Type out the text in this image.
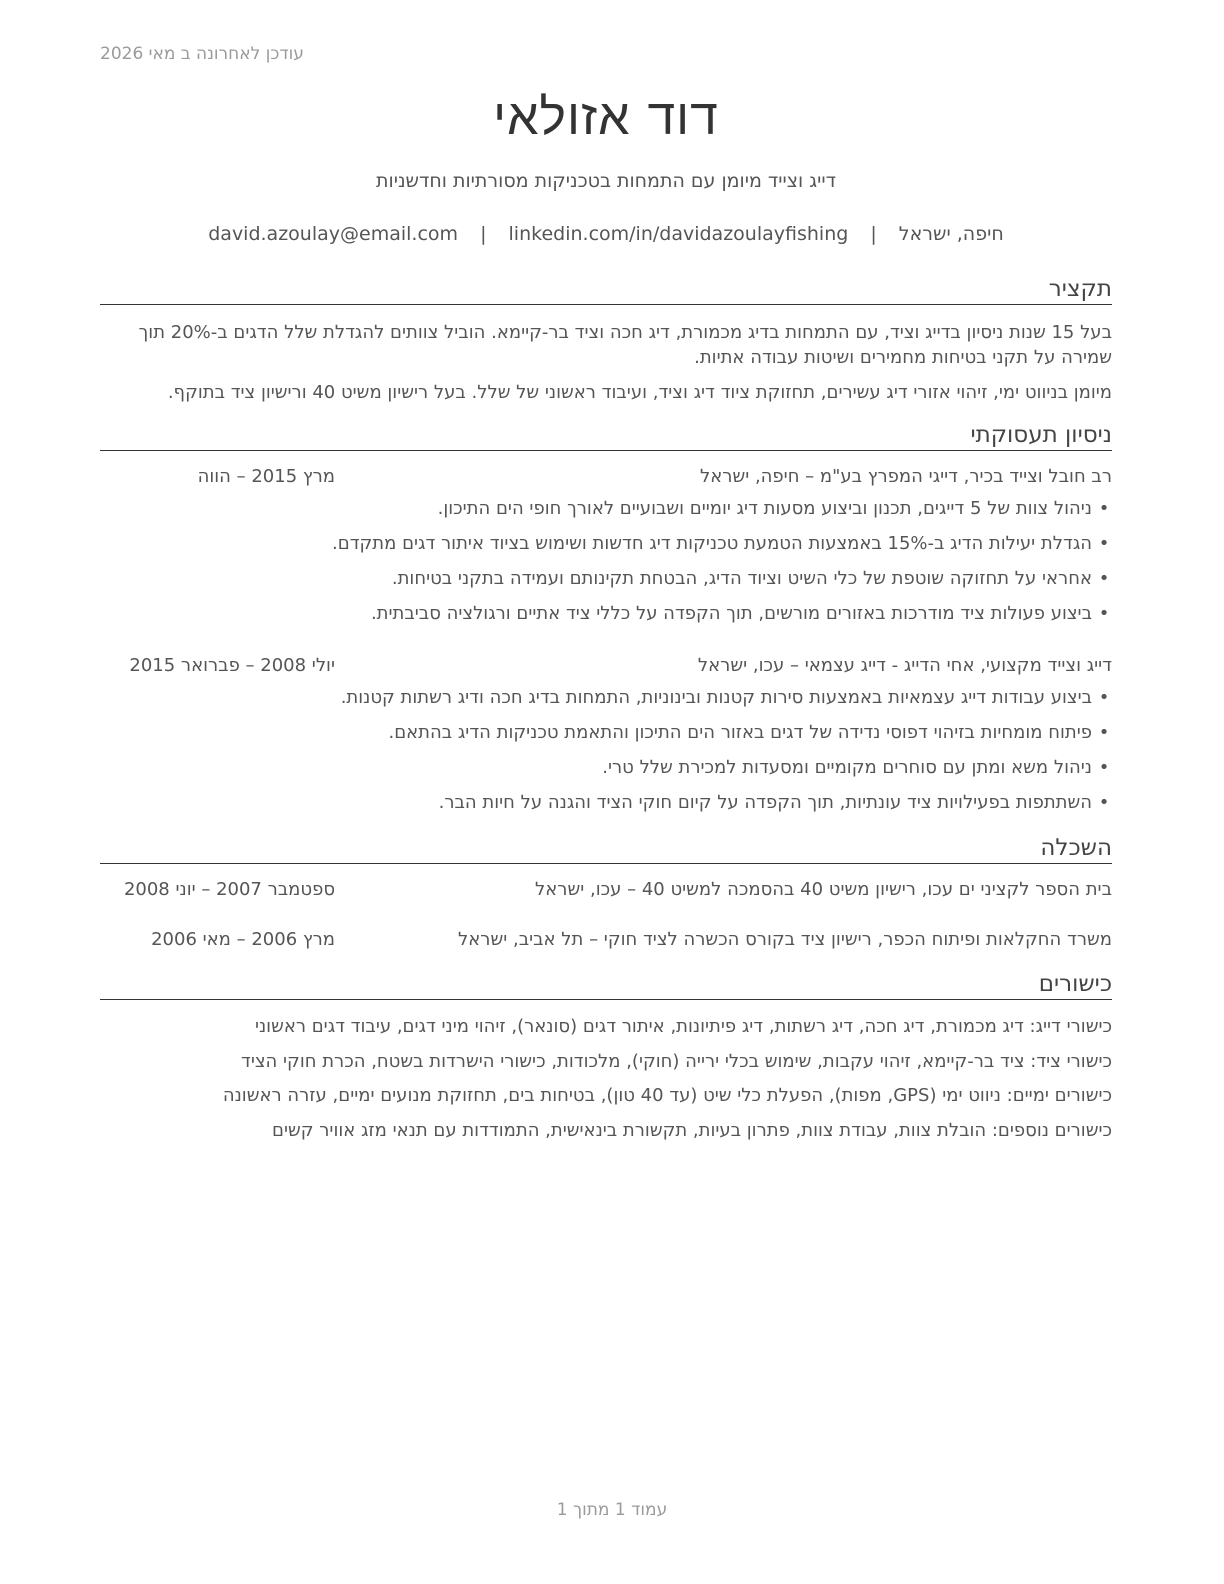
עודכן לאחרונה ב מאי 2026
דוד אזולאי
דייג וצייד מיומן עם התמחות בטכניקות מסורתיות וחדשניות
חיפה, ישראל | david.azoulay@email.com | linkedin.com/in/davidazoulayfishing
תקציר
בעל 15 שנות ניסיון בדייג וציד, עם התמחות בדיג מכמורת, דיג חכה וציד בר-קיימא. הוביל צוותים להגדלת שלל הדגים ב-20% תוך שמירה על תקני בטיחות מחמירים ושיטות עבודה אתיות.
מיומן בניווט ימי, זיהוי אזורי דיג עשירים, תחזוקת ציוד דיג וציד, ועיבוד ראשוני של שלל. בעל רישיון משיט 40 ורישיון ציד בתוקף.
ניסיון תעסוקתי
רב חובל וצייד בכיר, דייגי המפרץ בע"מ – חיפה, ישראל
מרץ 2015 – הווה
•ניהול צוות של 5 דייגים, תכנון וביצוע מסעות דיג יומיים ושבועיים לאורך חופי הים התיכון.
•הגדלת יעילות הדיג ב-15% באמצעות הטמעת טכניקות דיג חדשות ושימוש בציוד איתור דגים מתקדם.
•אחראי על תחזוקה שוטפת של כלי השיט וציוד הדיג, הבטחת תקינותם ועמידה בתקני בטיחות.
•ביצוע פעולות ציד מודרכות באזורים מורשים, תוך הקפדה על כללי ציד אתיים ורגולציה סביבתית.
דייג וצייד מקצועי, אחי הדייג - דייג עצמאי – עכו, ישראל
יולי 2008 – פברואר 2015
•ביצוע עבודות דייג עצמאיות באמצעות סירות קטנות ובינוניות, התמחות בדיג חכה ודיג רשתות קטנות.
•פיתוח מומחיות בזיהוי דפוסי נדידה של דגים באזור הים התיכון והתאמת טכניקות הדיג בהתאם.
•ניהול משא ומתן עם סוחרים מקומיים ומסעדות למכירת שלל טרי.
•השתתפות בפעילויות ציד עונתיות, תוך הקפדה על קיום חוקי הציד והגנה על חיות הבר.
השכלה
בית הספר לקציני ים עכו, רישיון משיט 40 בהסמכה למשיט 40 – עכו, ישראל
ספטמבר 2007 – יוני 2008
משרד החקלאות ופיתוח הכפר, רישיון ציד בקורס הכשרה לציד חוקי – תל אביב, ישראל
מרץ 2006 – מאי 2006
כישורים
כישורי דייג: דיג מכמורת, דיג חכה, דיג רשתות, דיג פיתיונות, איתור דגים (סונאר), זיהוי מיני דגים, עיבוד דגים ראשוני
כישורי ציד: ציד בר-קיימא, זיהוי עקבות, שימוש בכלי ירייה (חוקי), מלכודות, כישורי הישרדות בשטח, הכרת חוקי הציד
כישורים ימיים: ניווט ימי (GPS, מפות), הפעלת כלי שיט (עד 40 טון), בטיחות בים, תחזוקת מנועים ימיים, עזרה ראשונה
כישורים נוספים: הובלת צוות, עבודת צוות, פתרון בעיות, תקשורת בינאישית, התמודדות עם תנאי מזג אוויר קשים
עמוד 1 מתוך 1
